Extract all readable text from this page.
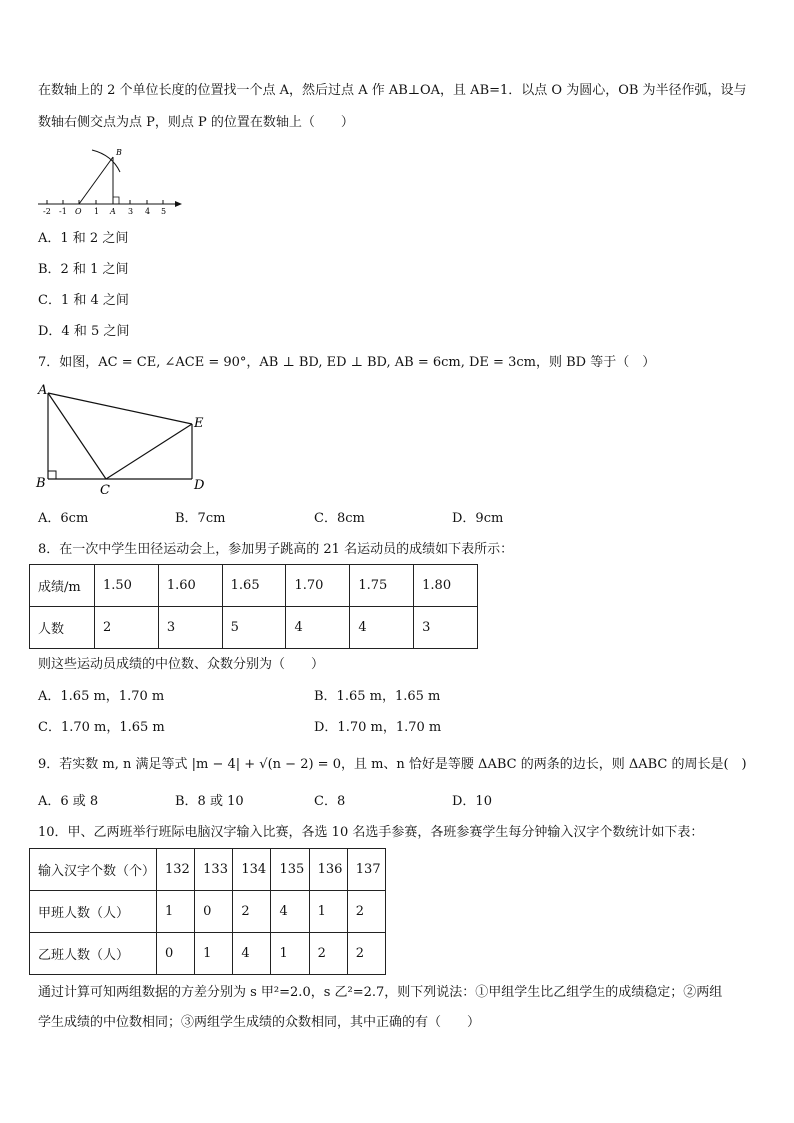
在数轴上的 2 个单位长度的位置找一个点 A，然后过点 A 作 AB⊥OA，且 AB=1．以点 O 为圆心，OB 为半径作弧，设与
数轴右侧交点为点 P，则点 P 的位置在数轴上（　　）
-2 -1 O 1 A 3 4 5
B
A．1 和 2 之间
B．2 和 1 之间
C．1 和 4 之间
D．4 和 5 之间
7．如图，AC = CE, ∠ACE = 90°，AB ⊥ BD, ED ⊥ BD, AB = 6cm, DE = 3cm，则 BD 等于（　）
A
B	C	D
E
A．6cm	B．7cm	C．8cm	D．9cm
8．在一次中学生田径运动会上，参加男子跳高的 21 名运动员的成绩如下表所示：
成绩/m	1.50	1.60	1.65	1.70	1.75	1.80
人数	2	3	5	4	4	3
则这些运动员成绩的中位数、众数分别为（　　）
A．1.65 m，1.70 m	B．1.65 m，1.65 m
C．1.70 m，1.65 m	D．1.70 m，1.70 m
9．若实数 m, n 满足等式 |m − 4| + √(n − 2) = 0，且 m、n 恰好是等腰 ΔABC 的两条的边长，则 ΔABC 的周长是(　)
A．6 或 8	B．8 或 10	C．8	D．10
10．甲、乙两班举行班际电脑汉字输入比赛，各选 10 名选手参赛，各班参赛学生每分钟输入汉字个数统计如下表：
输入汉字个数（个）	132	133	134	135	136	137
甲班人数（人）	1	0	2	4	1	2
乙班人数（人）	0	1	4	1	2	2
通过计算可知两组数据的方差分别为 s 甲²=2.0，s 乙²=2.7，则下列说法：①甲组学生比乙组学生的成绩稳定；②两组
学生成绩的中位数相同；③两组学生成绩的众数相同，其中正确的有（　　）
